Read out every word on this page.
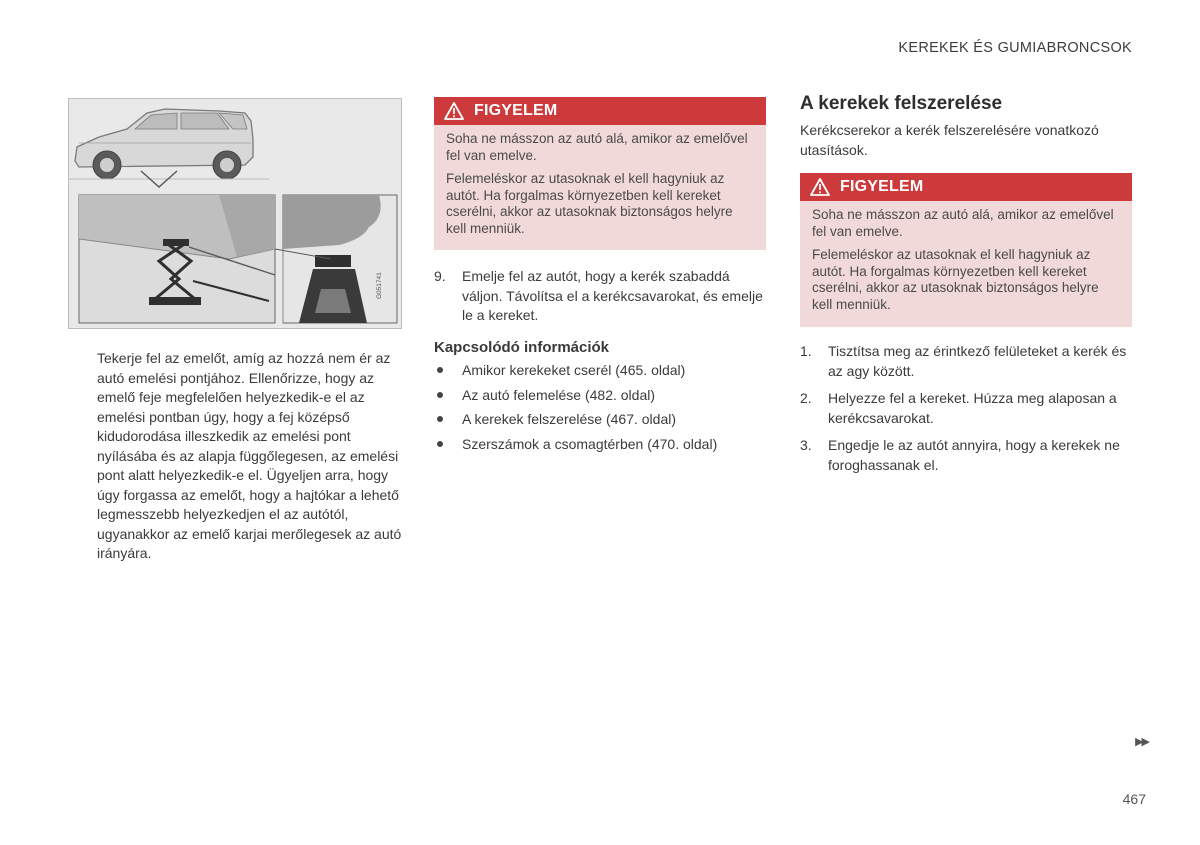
KEREKEK ÉS GUMIABRONCSOK
G051741
Tekerje fel az emelőt, amíg az hozzá nem ér az autó emelési pontjához. Ellenőrizze, hogy az emelő feje megfelelően helyezkedik-e el az emelési pontban úgy, hogy a fej középső kidudorodása illeszkedik az emelési pont nyílásába és az alapja függőlegesen, az emelési pont alatt helyezkedik-e el. Ügyeljen arra, hogy úgy forgassa az emelőt, hogy a hajtókar a lehető legmesszebb helyezkedjen el az autótól, ugyanakkor az emelő karjai merőlegesek az autó irányára.
FIGYELEM

Soha ne másszon az autó alá, amikor az emelővel fel van emelve.

Felemeléskor az utasoknak el kell hagyniuk az autót. Ha forgalmas környezetben kell kereket cserélni, akkor az utasoknak biztonságos helyre kell menniük.

9.	Emelje fel az autót, hogy a kerék szabaddá váljon. Távolítsa el a kerékcsavarokat, és emelje le a kereket.
Kapcsolódó információk
Amikor kerekeket cserél (465. oldal)
Az autó felemelése (482. oldal)
A kerekek felszerelése (467. oldal)
Szerszámok a csomagtérben (470. oldal)
A kerekek felszerelése
Kerékcserekor a kerék felszerelésére vonatkozó utasítások.
FIGYELEM

Soha ne másszon az autó alá, amikor az emelővel fel van emelve.

Felemeléskor az utasoknak el kell hagyniuk az autót. Ha forgalmas környezetben kell kereket cserélni, akkor az utasoknak biztonságos helyre kell menniük.

1.	Tisztítsa meg az érintkező felületeket a kerék és az agy között.
2.	Helyezze fel a kereket. Húzza meg alaposan a kerékcsavarokat.
3.	Engedje le az autót annyira, hogy a kerekek ne foroghassanak el.
▶▶
467
